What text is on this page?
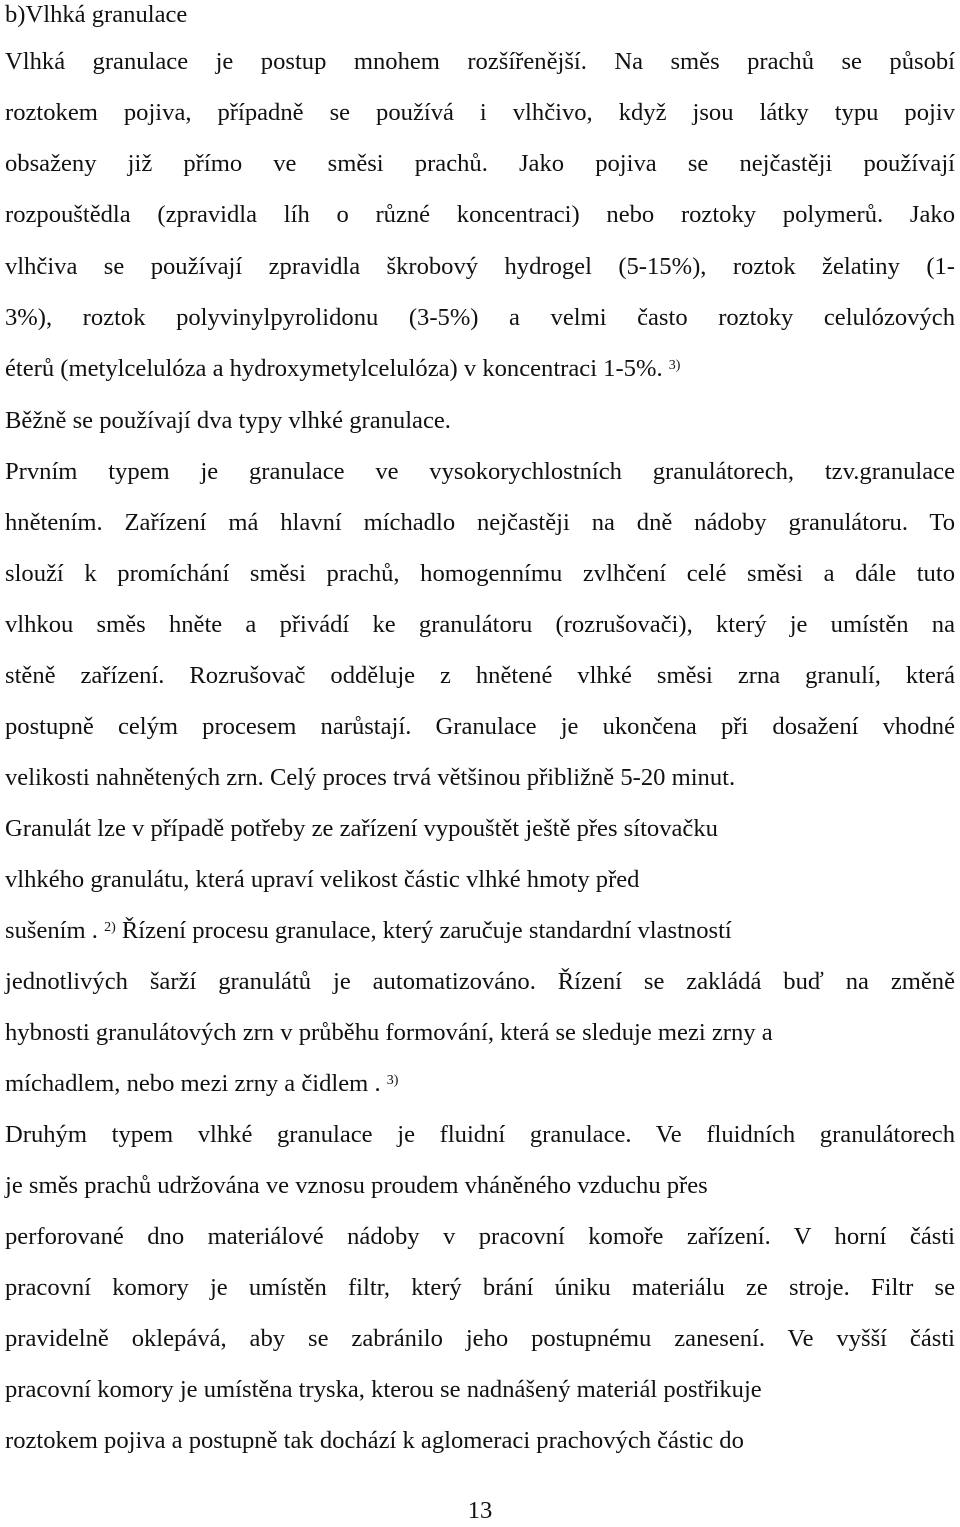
b)Vlhká granulace
Vlhká granulace je postup mnohem rozšířenější. Na směs prachů se působí
roztokem pojiva, případně se používá i vlhčivo, když jsou látky typu pojiv
obsaženy již přímo ve směsi prachů. Jako pojiva se nejčastěji používají
rozpouštědla (zpravidla líh o různé koncentraci) nebo roztoky polymerů. Jako
vlhčiva se používají zpravidla škrobový hydrogel (5-15%), roztok želatiny (1-
3%), roztok polyvinylpyrolidonu (3-5%) a velmi často roztoky celulózových
éterů (metylcelulóza a hydroxymetylcelulóza) v koncentraci 1-5%. $^{3)}$
Běžně se používají dva typy vlhké granulace.
Prvním typem je granulace ve vysokorychlostních granulátorech, tzv.granulace
hnětením. Zařízení má hlavní míchadlo nejčastěji na dně nádoby granulátoru. To
slouží k promíchání směsi prachů, homogennímu zvlhčení celé směsi a dále tuto
vlhkou směs hněte a přivádí ke granulátoru (rozrušovači), který je umístěn na
stěně zařízení. Rozrušovač odděluje z hnětené vlhké směsi zrna granulí, která
postupně celým procesem narůstají. Granulace je ukončena při dosažení vhodné
velikosti nahnětených zrn. Celý proces trvá většinou přibližně 5-20 minut.
Granulát lze v případě potřeby ze zařízení vypouštět ještě přes sítovačku
vlhkého granulátu, která upraví velikost částic vlhké hmoty před
sušením . $^{2)}$ Řízení procesu granulace, který zaručuje standardní vlastností
jednotlivých šarží granulátů je automatizováno. Řízení se zakládá buď na změně
hybnosti granulátových zrn v průběhu formování, která se sleduje mezi zrny a
míchadlem, nebo mezi zrny a čidlem . $^{3)}$
Druhým typem vlhké granulace je fluidní granulace. Ve fluidních granulátorech
je směs prachů udržována ve vznosu proudem vháněného vzduchu přes
perforované dno materiálové nádoby v pracovní komoře zařízení. V horní části
pracovní komory je umístěn filtr, který brání úniku materiálu ze stroje. Filtr se
pravidelně oklepává, aby se zabránilo jeho postupnému zanesení. Ve vyšší části
pracovní komory je umístěna tryska, kterou se nadnášený materiál postřikuje
roztokem pojiva a postupně tak dochází k aglomeraci prachových částic do
13
